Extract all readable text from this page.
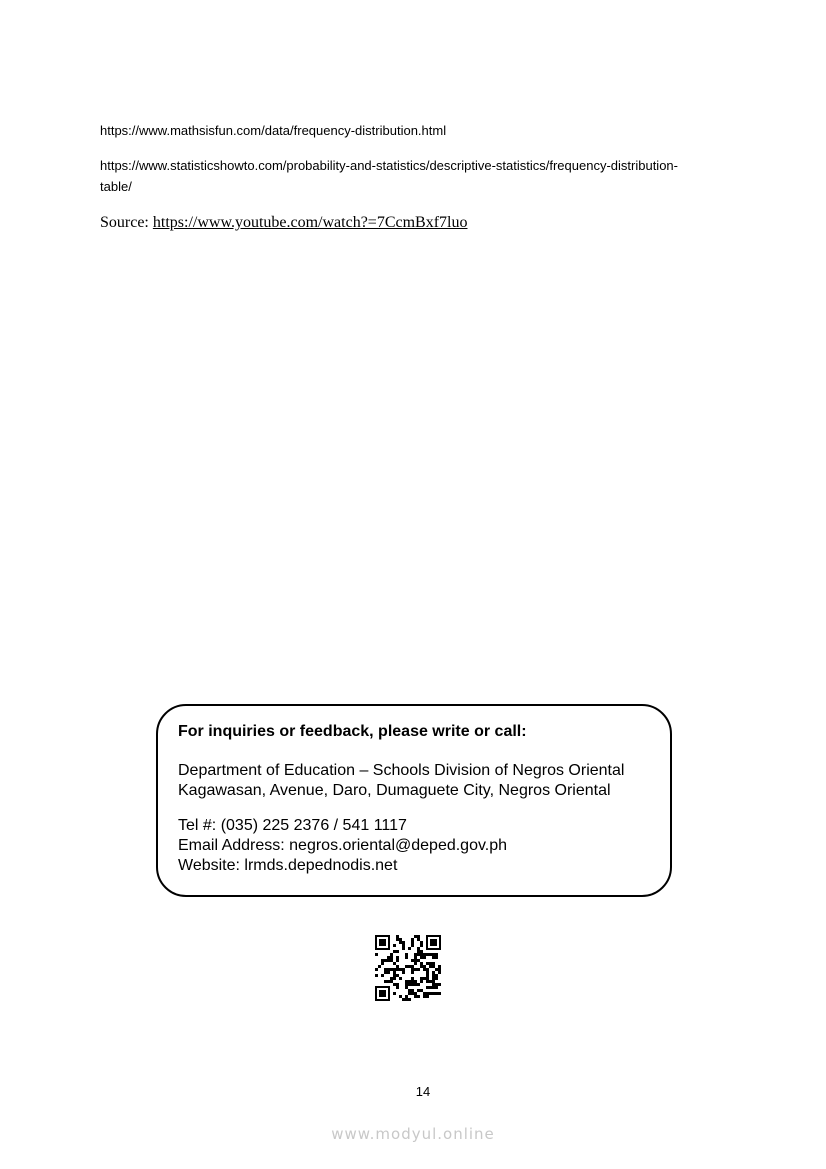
https://www.mathsisfun.com/data/frequency-distribution.html
https://www.statisticshowto.com/probability-and-statistics/descriptive-statistics/frequency-distribution-table/
Source: https://www.youtube.com/watch?=7CcmBxf7luo
For inquiries or feedback, please write or call:
Department of Education – Schools Division of Negros Oriental
Kagawasan, Avenue, Daro, Dumaguete City, Negros Oriental
Tel #: (035) 225 2376 / 541 1117
Email Address: negros.oriental@deped.gov.ph
Website: lrmds.depednodis.net
14
www.modyul.online
